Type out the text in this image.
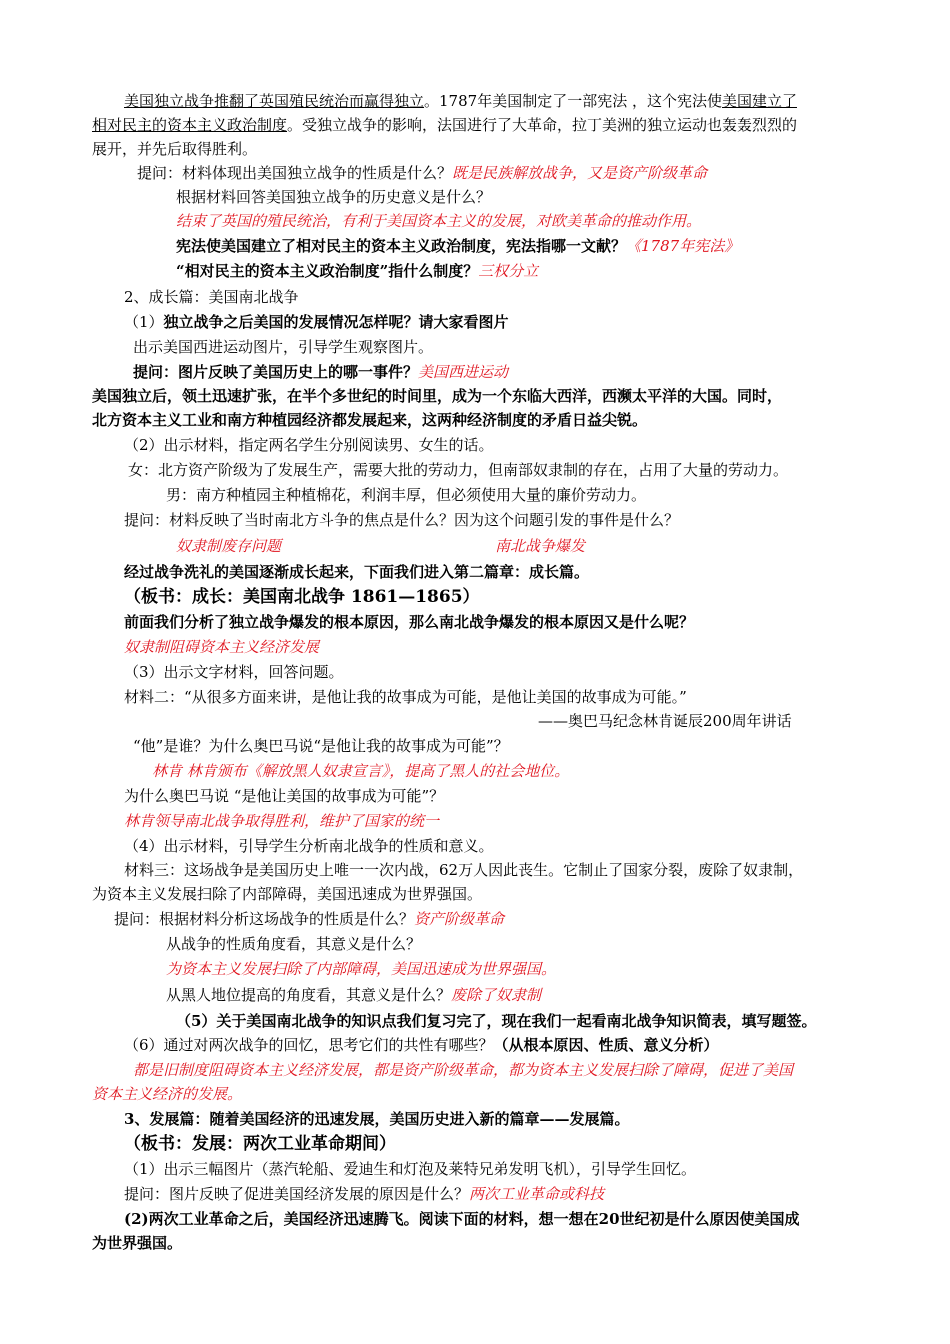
美国独立战争推翻了英国殖民统治而赢得独立。1787年美国制定了一部宪法 ，这个宪法使美国建立了
相对民主的资本主义政治制度。受独立战争的影响，法国进行了大革命，拉丁美洲的独立运动也轰轰烈烈的
展开，并先后取得胜利。
提问：材料体现出美国独立战争的性质是什么？既是民族解放战争，又是资产阶级革命
根据材料回答美国独立战争的历史意义是什么？
结束了英国的殖民统治，有利于美国资本主义的发展，对欧美革命的推动作用。
宪法使美国建立了相对民主的资本主义政治制度，宪法指哪一文献？《1787年宪法》
“相对民主的资本主义政治制度”指什么制度？三权分立
2、成长篇：美国南北战争
（1）独立战争之后美国的发展情况怎样呢？请大家看图片
出示美国西进运动图片，引导学生观察图片。
提问：图片反映了美国历史上的哪一事件？美国西进运动
美国独立后，领土迅速扩张，在半个多世纪的时间里，成为一个东临大西洋，西濒太平洋的大国。同时，
北方资本主义工业和南方种植园经济都发展起来，这两种经济制度的矛盾日益尖锐。
（2）出示材料，指定两名学生分别阅读男、女生的话。
女：北方资产阶级为了发展生产，需要大批的劳动力，但南部奴隶制的存在，占用了大量的劳动力。
男：南方种植园主种植棉花，利润丰厚，但必须使用大量的廉价劳动力。
提问：材料反映了当时南北方斗争的焦点是什么？因为这个问题引发的事件是什么？
奴隶制废存问题	南北战争爆发
经过战争洗礼的美国逐渐成长起来，下面我们进入第二篇章：成长篇。
（板书：成长：美国南北战争 1861—1865）
前面我们分析了独立战争爆发的根本原因，那么南北战争爆发的根本原因又是什么呢？
奴隶制阻碍资本主义经济发展
（3）出示文字材料，回答问题。
材料二：“从很多方面来讲，是他让我的故事成为可能，是他让美国的故事成为可能。”
——奥巴马纪念林肯诞辰200周年讲话
“他”是谁？为什么奥巴马说“是他让我的故事成为可能”？
林肯 林肯颁布《解放黑人奴隶宣言》，提高了黑人的社会地位。
为什么奥巴马说 “是他让美国的故事成为可能”？
林肯领导南北战争取得胜利，维护了国家的统一
（4）出示材料，引导学生分析南北战争的性质和意义。
材料三：这场战争是美国历史上唯一一次内战，62万人因此丧生。它制止了国家分裂，废除了奴隶制，
为资本主义发展扫除了内部障碍，美国迅速成为世界强国。
提问：根据材料分析这场战争的性质是什么？资产阶级革命
从战争的性质角度看，其意义是什么？
为资本主义发展扫除了内部障碍，美国迅速成为世界强国。
从黑人地位提高的角度看，其意义是什么？废除了奴隶制
（5）关于美国南北战争的知识点我们复习完了，现在我们一起看南北战争知识简表，填写题签。
（6）通过对两次战争的回忆，思考它们的共性有哪些？（从根本原因、性质、意义分析）
都是旧制度阻碍资本主义经济发展，都是资产阶级革命，都为资本主义发展扫除了障碍，促进了美国
资本主义经济的发展。
3、发展篇：随着美国经济的迅速发展，美国历史进入新的篇章——发展篇。
（板书：发展：两次工业革命期间）
（1）出示三幅图片（蒸汽轮船、爱迪生和灯泡及莱特兄弟发明飞机），引导学生回忆。
提问：图片反映了促进美国经济发展的原因是什么？两次工业革命或科技
(2)两次工业革命之后，美国经济迅速腾飞。阅读下面的材料，想一想在20世纪初是什么原因使美国成
为世界强国。
